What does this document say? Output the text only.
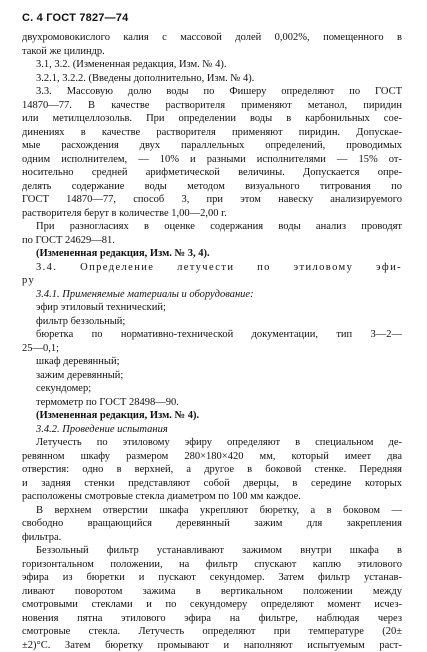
С. 4 ГОСТ 7827—74
двухромовокислого калия с массовой долей 0,002%, помещенного в
такой же цилиндр.
3.1, 3.2. (Измененная редакция, Изм. № 4).
3.2.1, 3.2.2. (Введены дополнительно, Изм. № 4).
3.3. Массовую долю воды по Фишеру определяют по ГОСТ
14870—77. В качестве растворителя применяют метанол, пиридин
или метилцеллозольв. При определении воды в карбонильных сое-
динениях в качестве растворителя применяют пиридин. Допускае-
мые расхождения двух параллельных определений, проводимых
одним исполнителем, — 10% и разными исполнителями — 15% от-
носительно средней арифметической величины. Допускается опре-
делять содержание воды методом визуального титрования по
ГОСТ 14870—77, способ 3, при этом навеску анализируемого
растворителя берут в количестве 1,00—2,00 г.
При разногласиях в оценке содержания воды анализ проводят
по ГОСТ 24629—81.
(Измененная редакция, Изм. № 3, 4).
3.4. Определение летучести по этиловому эфи-
ру
3.4.1. Применяемые материалы и оборудование:
эфир этиловый технический;
фильтр беззольный;
бюретка по нормативно-технической документации, тип 3—2—
25—0,1;
шкаф деревянный;
зажим деревянный;
секундомер;
термометр по ГОСТ 28498—90.
(Измененная редакция, Изм. № 4).
3.4.2. Проведение испытания
Летучесть по этиловому эфиру определяют в специальном де-
ревянном шкафу размером 280×180×420 мм, который имеет два
отверстия: одно в верхней, а другое в боковой стенке. Передняя
и задняя стенки представляют собой дверцы, в середине которых
расположены смотровые стекла диаметром по 100 мм каждое.
В верхнем отверстии шкафа укрепляют бюретку, а в боковом —
свободно вращающийся деревянный зажим для закрепления
фильтра.
Беззольный фильтр устанавливают зажимом внутри шкафа в
горизонтальном положении, на фильтр спускают каплю этилового
эфира из бюретки и пускают секундомер. Затем фильтр устанав-
ливают поворотом зажима в вертикальном положении между
смотровыми стеклами и по секундомеру определяют момент исчез-
новения пятна этилового эфира на фильтре, наблюдая через
смотровые стекла. Летучесть определяют при температуре (20±
±2)°С. Затем бюретку промывают и наполняют испытуемым раст-
